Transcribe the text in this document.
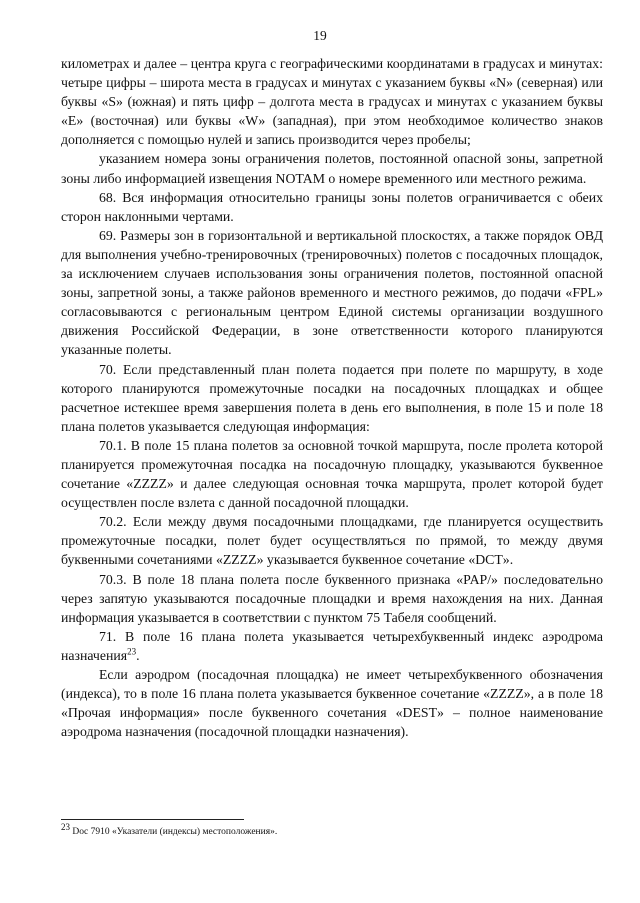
19

километрах и далее – центра круга с географическими координатами в градусах и минутах: четыре цифры – широта места в градусах и минутах с указанием буквы «N» (северная) или буквы «S» (южная) и пять цифр – долгота места в градусах и минутах с указанием буквы «E» (восточная) или буквы «W» (западная), при этом необходимое количество знаков дополняется с помощью нулей и запись производится через пробелы;

указанием номера зоны ограничения полетов, постоянной опасной зоны, запретной зоны либо информацией извещения NOTAM о номере временного или местного режима.

68. Вся информация относительно границы зоны полетов ограничивается с обеих сторон наклонными чертами.

69. Размеры зон в горизонтальной и вертикальной плоскостях, а также порядок ОВД для выполнения учебно-тренировочных (тренировочных) полетов с посадочных площадок, за исключением случаев использования зоны ограничения полетов, постоянной опасной зоны, запретной зоны, а также районов временного и местного режимов, до подачи «FPL» согласовываются с региональным центром Единой системы организации воздушного движения Российской Федерации, в зоне ответственности которого планируются указанные полеты.

70. Если представленный план полета подается при полете по маршруту, в ходе которого планируются промежуточные посадки на посадочных площадках и общее расчетное истекшее время завершения полета в день его выполнения, в поле 15 и поле 18 плана полетов указывается следующая информация:

70.1. В поле 15 плана полетов за основной точкой маршрута, после пролета которой планируется промежуточная посадка на посадочную площадку, указываются буквенное сочетание «ZZZZ» и далее следующая основная точка маршрута, пролет которой будет осуществлен после взлета с данной посадочной площадки.

70.2. Если между двумя посадочными площадками, где планируется осуществить промежуточные посадки, полет будет осуществляться по прямой, то между двумя буквенными сочетаниями «ZZZZ» указывается буквенное сочетание «DCT».

70.3. В поле 18 плана полета после буквенного признака «PAP/» последовательно через запятую указываются посадочные площадки и время нахождения на них. Данная информация указывается в соответствии с пунктом 75 Табеля сообщений.

71. В поле 16 плана полета указывается четырехбуквенный индекс аэродрома назначения$^{23}$.

Если аэродром (посадочная площадка) не имеет четырехбуквенного обозначения (индекса), то в поле 16 плана полета указывается буквенное сочетание «ZZZZ», а в поле 18 «Прочая информация» после буквенного сочетания «DEST» – полное наименование аэродрома назначения (посадочной площадки назначения).

$^{23}$ Doc 7910 «Указатели (индексы) местоположения».
